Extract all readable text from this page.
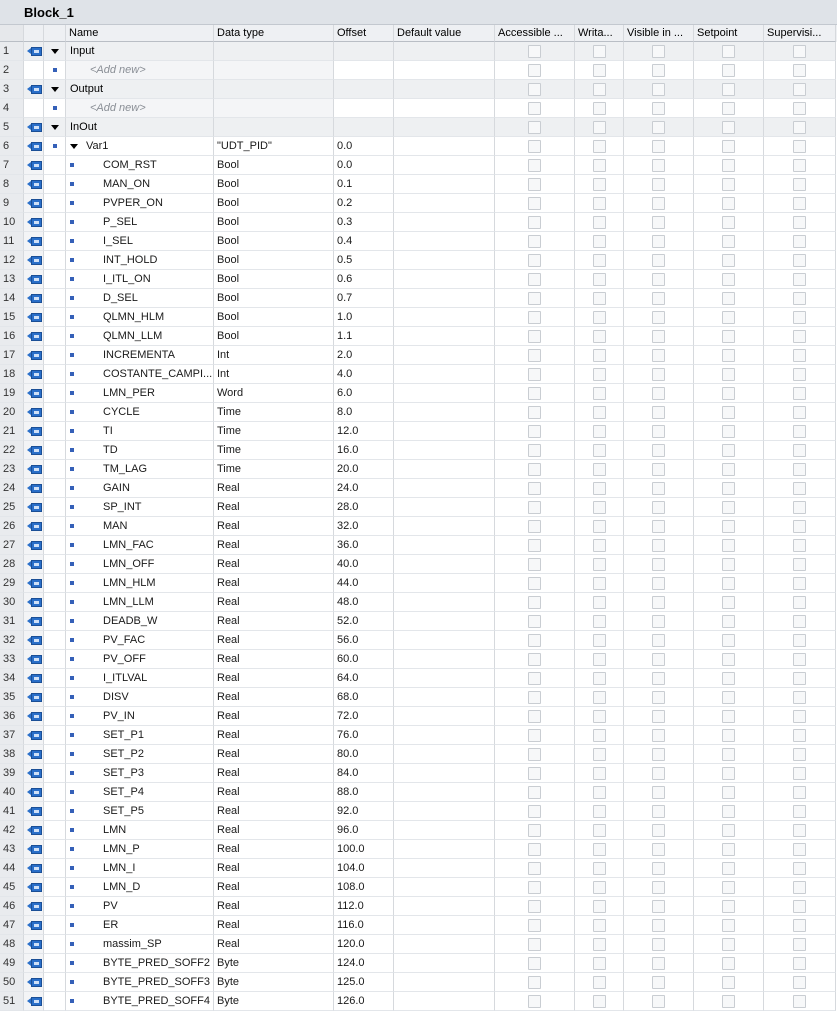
Block_1
Name	Data type	Offset	Default value	Accessible ...	Writa...	Visible in ...	Setpoint	Supervisi...
1	Input
2	<Add new>
3	Output
4	<Add new>
5	InOut
6	Var1	"UDT_PID"	0.0
7	COM_RST	Bool	0.0
8	MAN_ON	Bool	0.1
9	PVPER_ON	Bool	0.2
10	P_SEL	Bool	0.3
11	I_SEL	Bool	0.4
12	INT_HOLD	Bool	0.5
13	I_ITL_ON	Bool	0.6
14	D_SEL	Bool	0.7
15	QLMN_HLM	Bool	1.0
16	QLMN_LLM	Bool	1.1
17	INCREMENTA	Int	2.0
18	COSTANTE_CAMPI... Int	4.0
19	LMN_PER	Word	6.0
20	CYCLE	Time	8.0
21	TI	Time	12.0
22	TD	Time	16.0
23	TM_LAG	Time	20.0
24	GAIN	Real	24.0
25	SP_INT	Real	28.0
26	MAN	Real	32.0
27	LMN_FAC	Real	36.0
28	LMN_OFF	Real	40.0
29	LMN_HLM	Real	44.0
30	LMN_LLM	Real	48.0
31	DEADB_W	Real	52.0
32	PV_FAC	Real	56.0
33	PV_OFF	Real	60.0
34	I_ITLVAL	Real	64.0
35	DISV	Real	68.0
36	PV_IN	Real	72.0
37	SET_P1	Real	76.0
38	SET_P2	Real	80.0
39	SET_P3	Real	84.0
40	SET_P4	Real	88.0
41	SET_P5	Real	92.0
42	LMN	Real	96.0
43	LMN_P	Real	100.0
44	LMN_I	Real	104.0
45	LMN_D	Real	108.0
46	PV	Real	112.0
47	ER	Real	116.0
48	massim_SP	Real	120.0
49	BYTE_PRED_SOFF2 Byte	124.0
50	BYTE_PRED_SOFF3 Byte	125.0
51	BYTE_PRED_SOFF4 Byte	126.0
